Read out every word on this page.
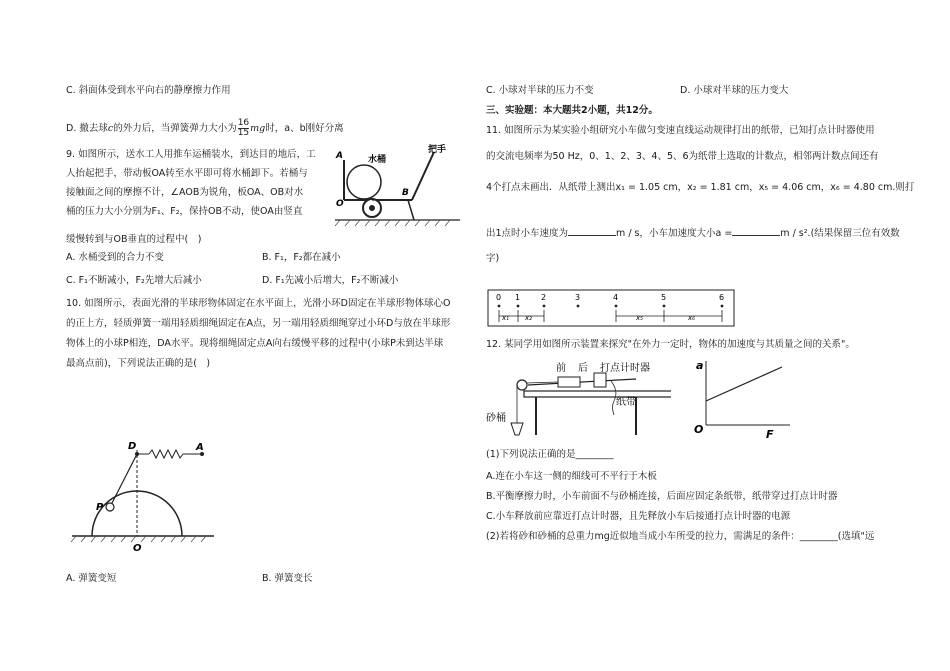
C. 斜面体受到水平向右的静摩擦力作用
D. 撤去球c的外力后，当弹簧弹力大小为 $\frac{16}{15}$ mg时，a、b刚好分离
9. 如图所示，送水工人用推车运桶装水，到达目的地后，工
人抬起把手，带动板OA转至水平即可将水桶卸下。若桶与
接触面之间的摩擦不计，∠AOB为锐角，板OA、OB对水
桶的压力大小分别为F₁、F₂，保持OB不动，使OA由竖直
缓慢转到与OB垂直的过程中(　)
A
O
B
水桶
把手
A. 水桶受到的合力不变	B. F₁，F₂都在减小
C. F₁不断减小，F₂先增大后减小	D. F₁先减小后增大，F₂不断减小
10. 如图所示，表面光滑的半球形物体固定在水平面上，光滑小环D固定在半球形物体球心O
的正上方，轻质弹簧一端用轻质细绳固定在A点，另一端用轻质细绳穿过小环D与放在半球形
物体上的小球P相连，DA水平。现将细绳固定点A向右缓慢平移的过程中(小球P未到达半球
最高点前)，下列说法正确的是(　)
D	A
P
O
A. 弹簧变短	B. 弹簧变长
C. 小球对半球的压力不变	D. 小球对半球的压力变大
三、实验题：本大题共2小题，共12分。
11. 如图所示为某实验小组研究小车做匀变速直线运动规律打出的纸带，已知打点计时器使用
的交流电频率为50 Hz，0、1、2、3、4、5、6为纸带上选取的计数点，相邻两计数点间还有
4个打点未画出．从纸带上测出x₁ = 1.05 cm，x₂ = 1.81 cm，x₅ = 4.06 cm，x₆ = 4.80 cm.则打
出1点时小车速度为	m / s，小车加速度大小a =	m / s².(结果保留三位有效数
字)
0 1	2	3	4	5	6
x₁ x₂	x₅	x₆
12. 某同学用如图所示装置来探究"在外力一定时，物体的加速度与其质量之间的关系"。
前 后 打点计时器
纸带
砂桶
a
O	F
(1)下列说法正确的是________
A.连在小车这一侧的细线可不平行于木板
B.平衡摩擦力时，小车前面不与砂桶连接，后面应固定条纸带，纸带穿过打点计时器
C.小车释放前应靠近打点计时器，且先释放小车后接通打点计时器的电源
(2)若将砂和砂桶的总重力mg近似地当成小车所受的拉力，需满足的条件：________(选填"远
